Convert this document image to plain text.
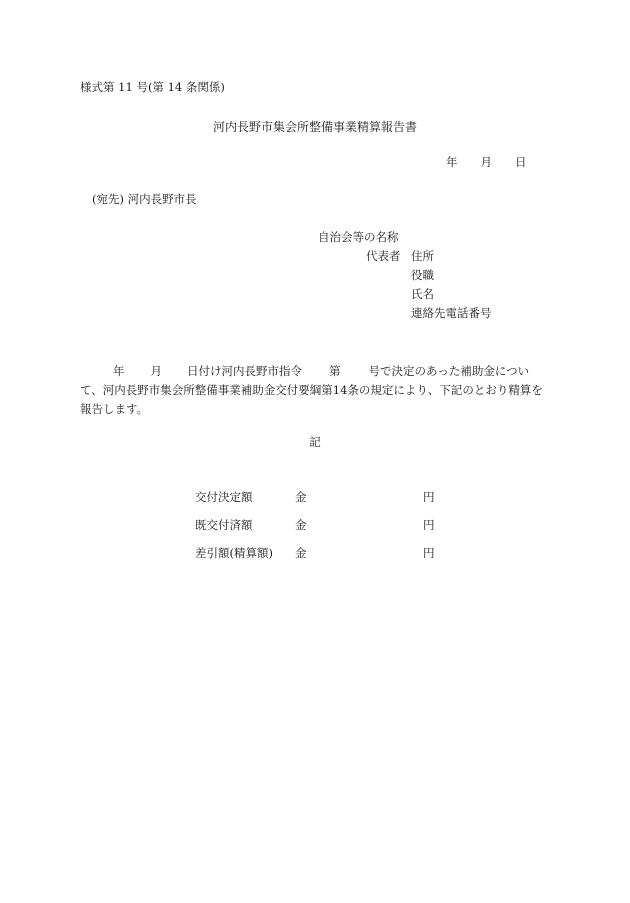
様式第 11 号(第 14 条関係)
河内長野市集会所整備事業精算報告書
年 月 日
(宛先) 河内長野市長
自治会等の名称
代表者 住所
役職
氏名
連絡先電話番号
年 月 日付け河内長野市指令 第 号で決定のあった補助金につい
て、河内長野市集会所整備事業補助金交付要綱第14条の規定により、下記のとおり精算を
報告します。
記
交付決定額	金	円
既交付済額	金	円
差引額(精算額) 金	円
